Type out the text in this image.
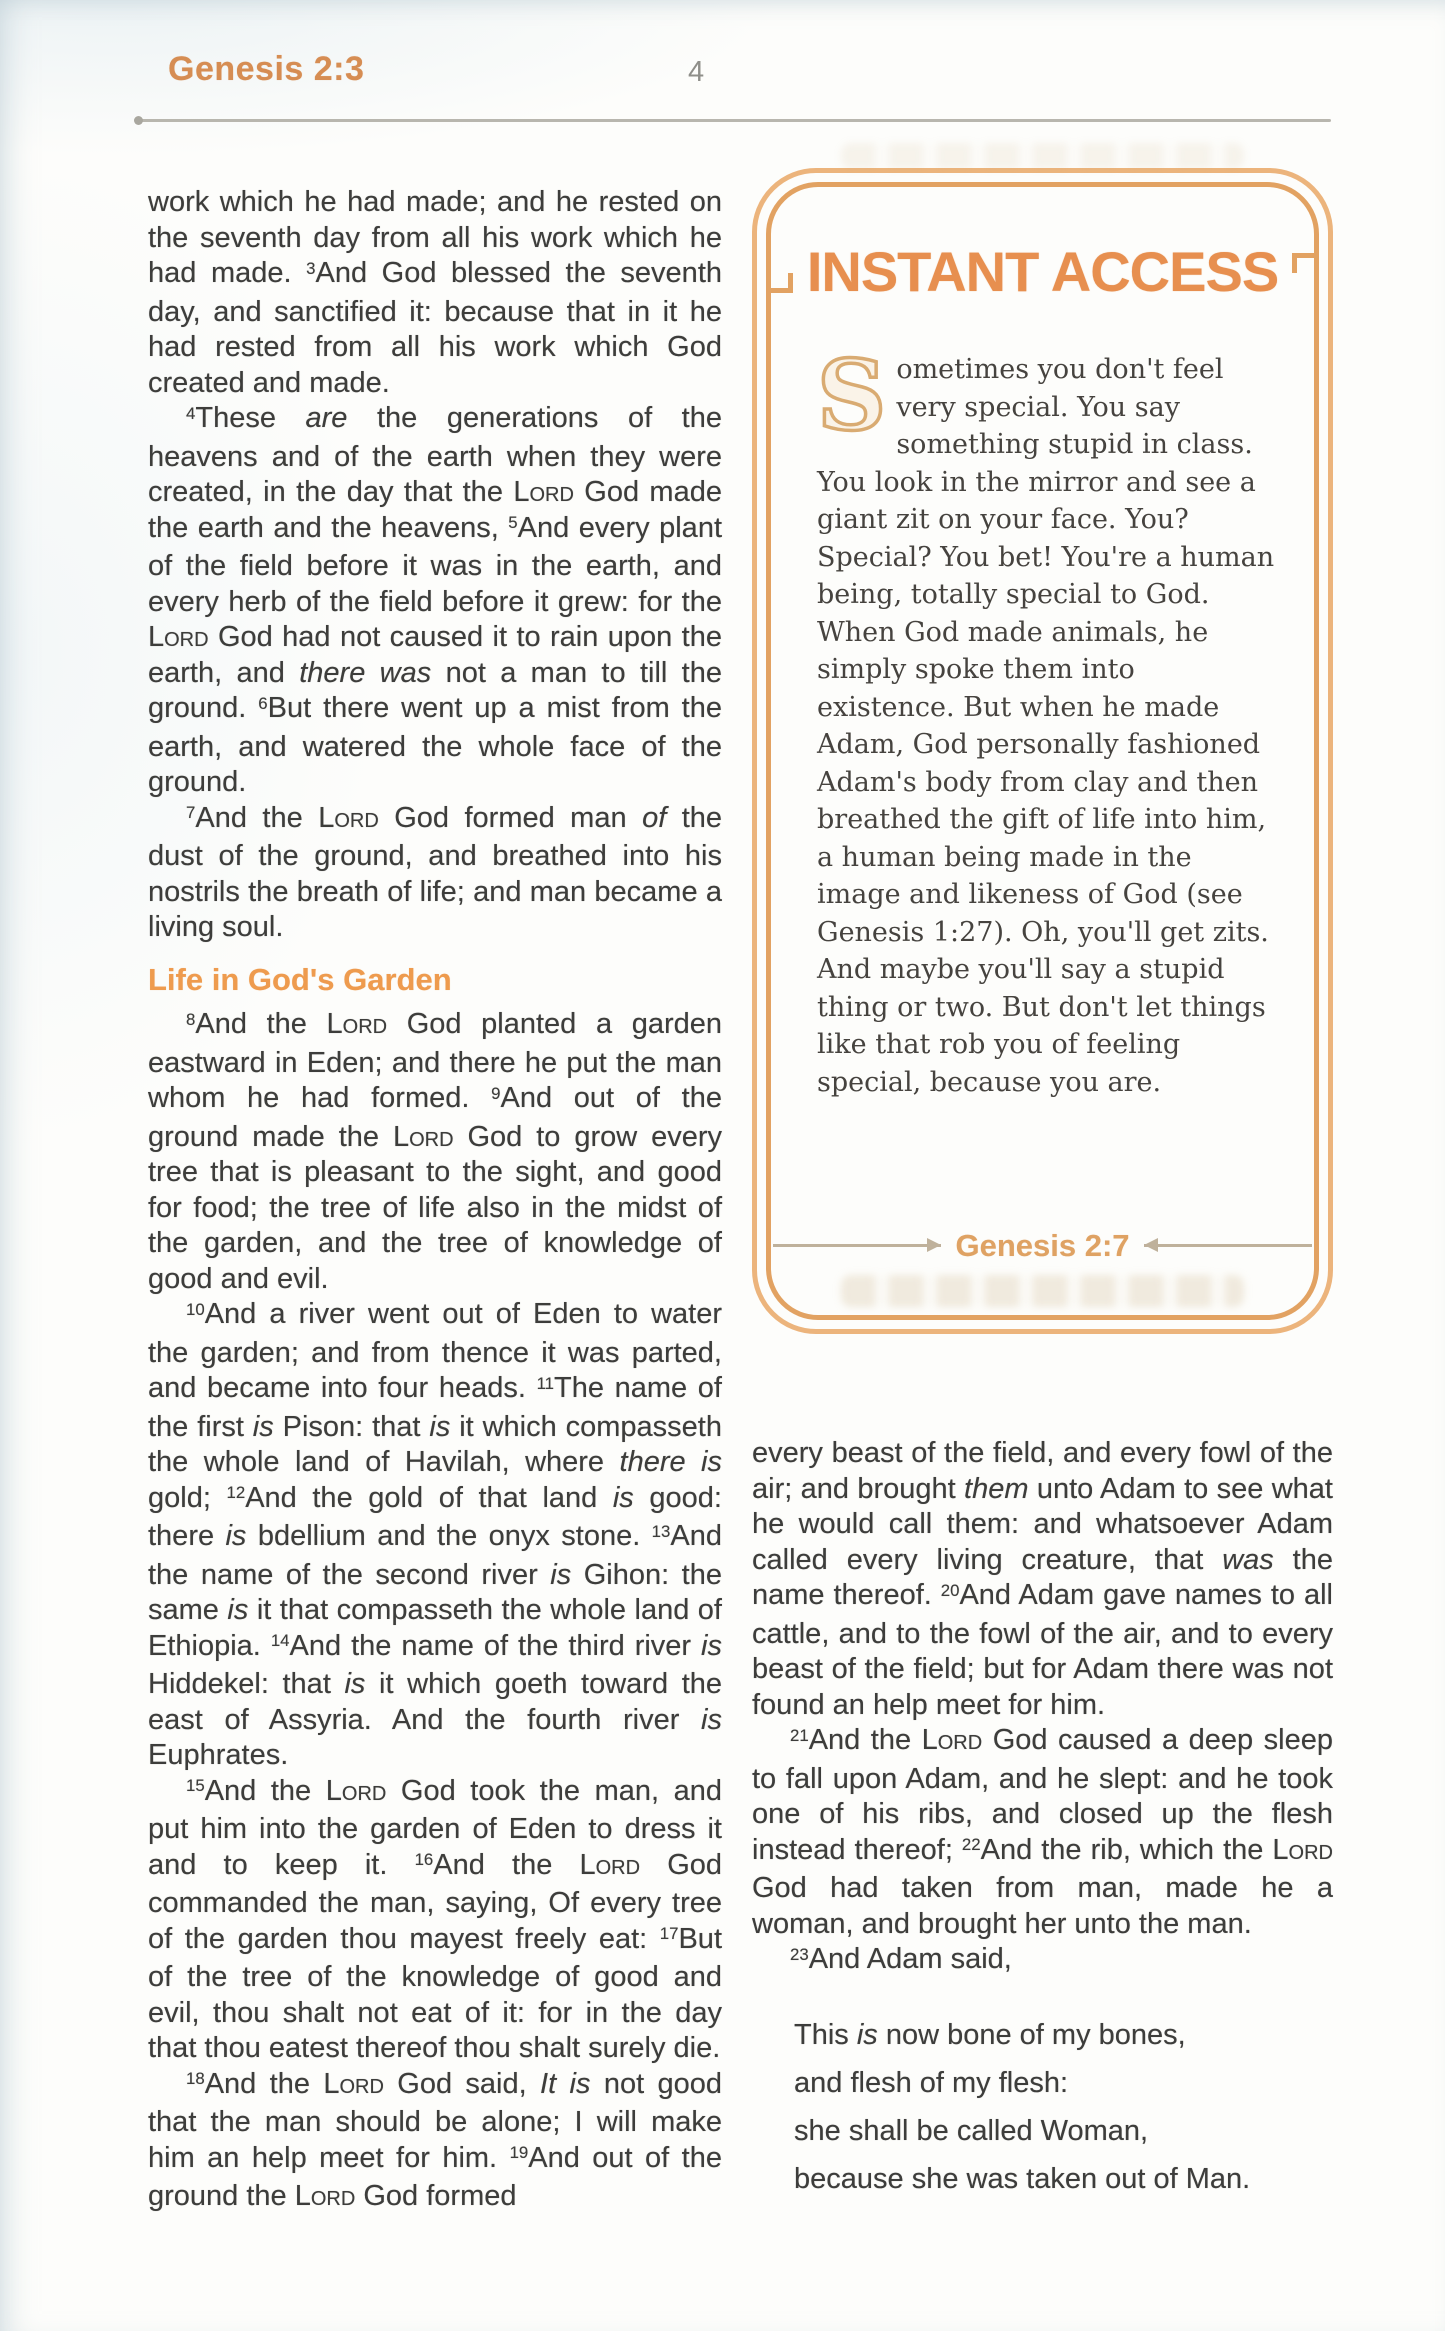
Genesis 2:3	4

work which he had made; and he rested on the seventh day from all his work which he had made. $^3$And God blessed the seventh day, and sanctified it: because that in it he had rested from all his work which God created and made.

$^4$These are the generations of the heavens and of the earth when they were created, in the day that the Lord God made the earth and the heavens, $^5$And every plant of the field before it was in the earth, and every herb of the field before it grew: for the Lord God had not caused it to rain upon the earth, and there was not a man to till the ground. $^6$But there went up a mist from the earth, and watered the whole face of the ground.

$^7$And the Lord God formed man of the dust of the ground, and breathed into his nostrils the breath of life; and man became a living soul.

Life in God's Garden

$^8$And the Lord God planted a garden eastward in Eden; and there he put the man whom he had formed. $^9$And out of the ground made the Lord God to grow every tree that is pleasant to the sight, and good for food; the tree of life also in the midst of the garden, and the tree of knowledge of good and evil.

$^{10}$And a river went out of Eden to water the garden; and from thence it was parted, and became into four heads. $^{11}$The name of the first is Pison: that is it which compasseth the whole land of Havilah, where there is gold; $^{12}$And the gold of that land is good: there is bdellium and the onyx stone. $^{13}$And the name of the second river is Gihon: the same is it that compasseth the whole land of Ethiopia. $^{14}$And the name of the third river is Hiddekel: that is it which goeth toward the east of Assyria. And the fourth river is Euphrates.

$^{15}$And the Lord God took the man, and put him into the garden of Eden to dress it and to keep it. $^{16}$And the Lord God commanded the man, saying, Of every tree of the garden thou mayest freely eat: $^{17}$But of the tree of the knowledge of good and evil, thou shalt not eat of it: for in the day that thou eatest thereof thou shalt surely die.

$^{18}$And the Lord God said, It is not good that the man should be alone; I will make him an help meet for him. $^{19}$And out of the ground the Lord God formed

INSTANT ACCESS

Sometimes you don't feel very special. You say something stupid in class. You look in the mirror and see a giant zit on your face. You? Special? You bet! You're a human being, totally special to God. When God made animals, he simply spoke them into existence. But when he made Adam, God personally fashioned Adam's body from clay and then breathed the gift of life into him, a human being made in the image and likeness of God (see Genesis 1:27). Oh, you'll get zits. And maybe you'll say a stupid thing or two. But don't let things like that rob you of feeling special, because you are.

Genesis 2:7

every beast of the field, and every fowl of the air; and brought them unto Adam to see what he would call them: and whatsoever Adam called every living creature, that was the name thereof. $^{20}$And Adam gave names to all cattle, and to the fowl of the air, and to every beast of the field; but for Adam there was not found an help meet for him.

$^{21}$And the Lord God caused a deep sleep to fall upon Adam, and he slept: and he took one of his ribs, and closed up the flesh instead thereof; $^{22}$And the rib, which the Lord God had taken from man, made he a woman, and brought her unto the man.

$^{23}$And Adam said,

This is now bone of my bones,
and flesh of my flesh:
she shall be called Woman,
because she was taken out of Man.
